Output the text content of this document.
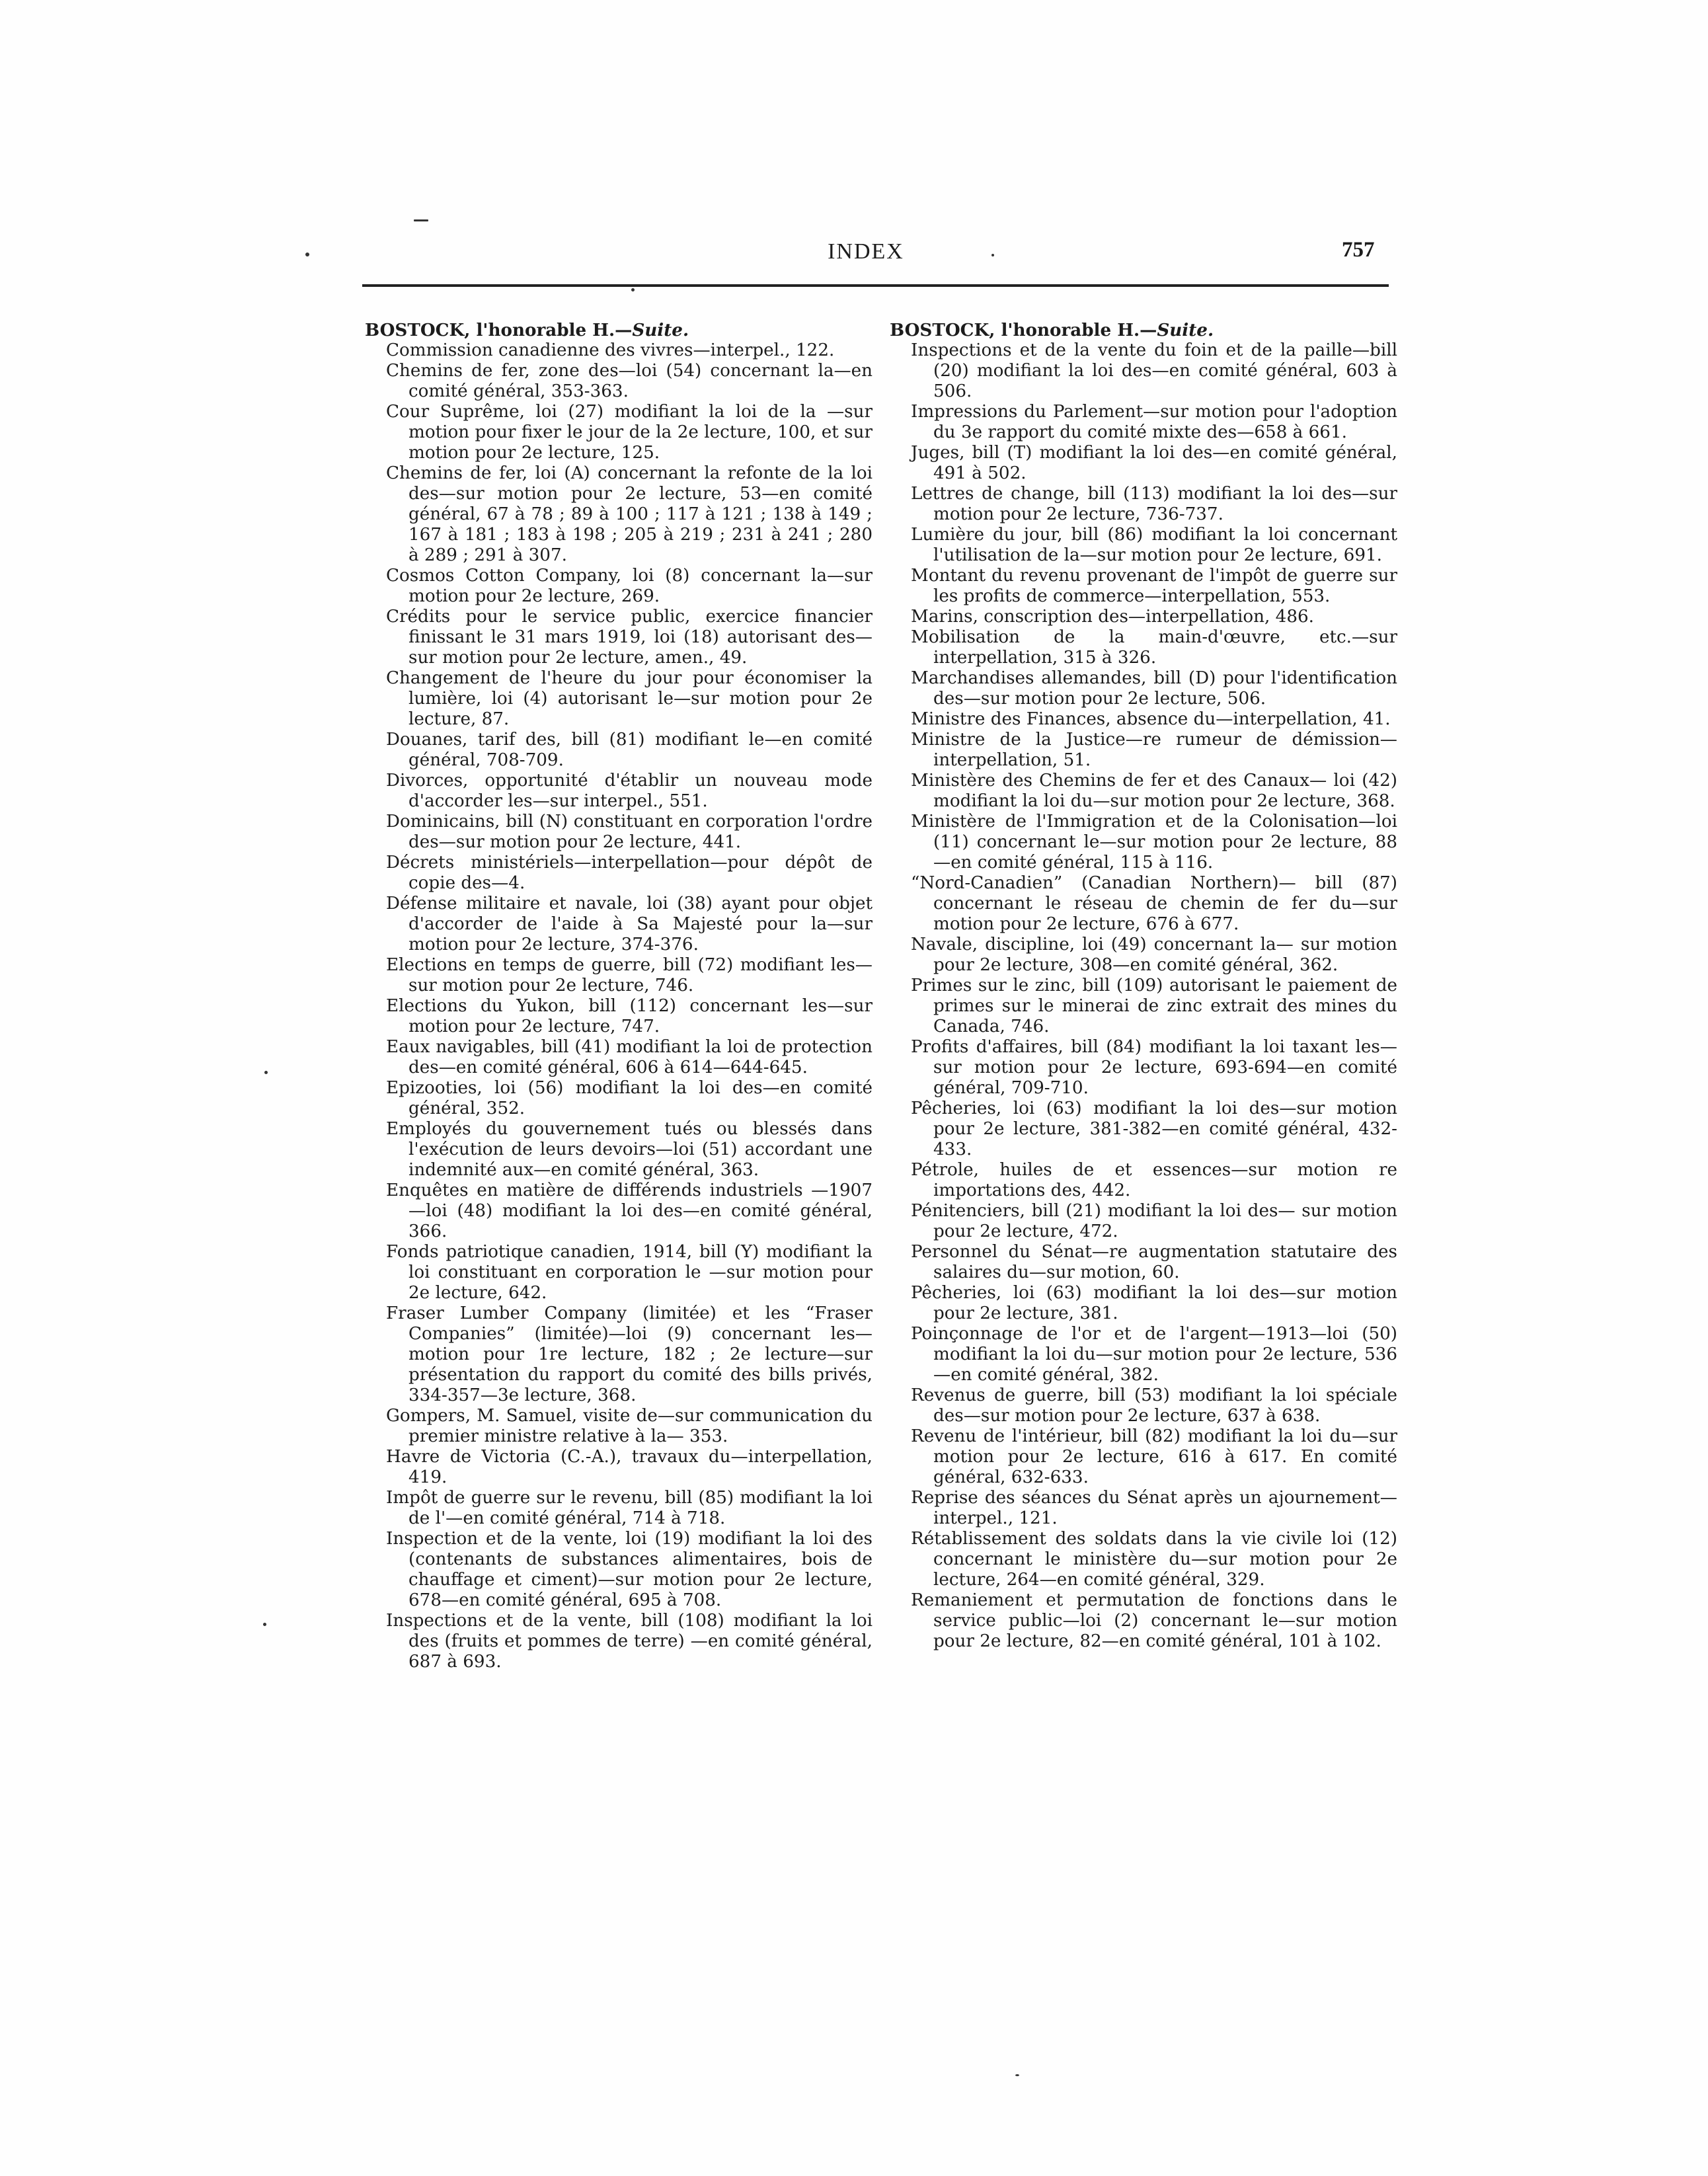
INDEX	757

BOSTOCK, l'honorable H.—Suite.

Commission canadienne des vivres—interpel., 122.

Chemins de fer, zone des—loi (54) concernant la—en comité général, 353-363.

Cour Suprême, loi (27) modifiant la loi de la —sur motion pour fixer le jour de la 2e lecture, 100, et sur motion pour 2e lecture, 125.

Chemins de fer, loi (A) concernant la refonte de la loi des—sur motion pour 2e lecture, 53—en comité général, 67 à 78 ; 89 à 100 ; 117 à 121 ; 138 à 149 ; 167 à 181 ; 183 à 198 ; 205 à 219 ; 231 à 241 ; 280 à 289 ; 291 à 307.

Cosmos Cotton Company, loi (8) concernant la—sur motion pour 2e lecture, 269.

Crédits pour le service public, exercice financier finissant le 31 mars 1919, loi (18) autorisant des—sur motion pour 2e lecture, amen., 49.

Changement de l'heure du jour pour économiser la lumière, loi (4) autorisant le—sur motion pour 2e lecture, 87.

Douanes, tarif des, bill (81) modifiant le—en comité général, 708-709.

Divorces, opportunité d'établir un nouveau mode d'accorder les—sur interpel., 551.

Dominicains, bill (N) constituant en corporation l'ordre des—sur motion pour 2e lecture, 441.

Décrets ministériels—interpellation—pour dépôt de copie des—4.

Défense militaire et navale, loi (38) ayant pour objet d'accorder de l'aide à Sa Majesté pour la—sur motion pour 2e lecture, 374-376.

Elections en temps de guerre, bill (72) modifiant les—sur motion pour 2e lecture, 746.

Elections du Yukon, bill (112) concernant les—sur motion pour 2e lecture, 747.

Eaux navigables, bill (41) modifiant la loi de protection des—en comité général, 606 à 614—644-645.

Epizooties, loi (56) modifiant la loi des—en comité général, 352.

Employés du gouvernement tués ou blessés dans l'exécution de leurs devoirs—loi (51) accordant une indemnité aux—en comité général, 363.

Enquêtes en matière de différends industriels —1907—loi (48) modifiant la loi des—en comité général, 366.

Fonds patriotique canadien, 1914, bill (Y) modifiant la loi constituant en corporation le —sur motion pour 2e lecture, 642.

Fraser Lumber Company (limitée) et les “Fraser Companies” (limitée)—loi (9) concernant les—motion pour 1re lecture, 182 ; 2e lecture—sur présentation du rapport du comité des bills privés, 334-357—3e lecture, 368.

Gompers, M. Samuel, visite de—sur communication du premier ministre relative à la— 353.

Havre de Victoria (C.-A.), travaux du—interpellation, 419.

Impôt de guerre sur le revenu, bill (85) modifiant la loi de l'—en comité général, 714 à 718.

Inspection et de la vente, loi (19) modifiant la loi des (contenants de substances alimentaires, bois de chauffage et ciment)—sur motion pour 2e lecture, 678—en comité général, 695 à 708.

Inspections et de la vente, bill (108) modifiant la loi des (fruits et pommes de terre) —en comité général, 687 à 693.

BOSTOCK, l'honorable H.—Suite.

Inspections et de la vente du foin et de la paille—bill (20) modifiant la loi des—en comité général, 603 à 506.

Impressions du Parlement—sur motion pour l'adoption du 3e rapport du comité mixte des—658 à 661.

Juges, bill (T) modifiant la loi des—en comité général, 491 à 502.

Lettres de change, bill (113) modifiant la loi des—sur motion pour 2e lecture, 736-737.

Lumière du jour, bill (86) modifiant la loi concernant l'utilisation de la—sur motion pour 2e lecture, 691.

Montant du revenu provenant de l'impôt de guerre sur les profits de commerce—interpellation, 553.

Marins, conscription des—interpellation, 486.

Mobilisation de la main-d'œuvre, etc.—sur interpellation, 315 à 326.

Marchandises allemandes, bill (D) pour l'identification des—sur motion pour 2e lecture, 506.

Ministre des Finances, absence du—interpellation, 41.

Ministre de la Justice—re rumeur de démission—interpellation, 51.

Ministère des Chemins de fer et des Canaux— loi (42) modifiant la loi du—sur motion pour 2e lecture, 368.

Ministère de l'Immigration et de la Colonisation—loi (11) concernant le—sur motion pour 2e lecture, 88—en comité général, 115 à 116.

“Nord-Canadien” (Canadian Northern)— bill (87) concernant le réseau de chemin de fer du—sur motion pour 2e lecture, 676 à 677.

Navale, discipline, loi (49) concernant la— sur motion pour 2e lecture, 308—en comité général, 362.

Primes sur le zinc, bill (109) autorisant le paiement de primes sur le minerai de zinc extrait des mines du Canada, 746.

Profits d'affaires, bill (84) modifiant la loi taxant les—sur motion pour 2e lecture, 693-694—en comité général, 709-710.

Pêcheries, loi (63) modifiant la loi des—sur motion pour 2e lecture, 381-382—en comité général, 432-433.

Pétrole, huiles de et essences—sur motion re importations des, 442.

Pénitenciers, bill (21) modifiant la loi des— sur motion pour 2e lecture, 472.

Personnel du Sénat—re augmentation statutaire des salaires du—sur motion, 60.

Pêcheries, loi (63) modifiant la loi des—sur motion pour 2e lecture, 381.

Poinçonnage de l'or et de l'argent—1913—loi (50) modifiant la loi du—sur motion pour 2e lecture, 536—en comité général, 382.

Revenus de guerre, bill (53) modifiant la loi spéciale des—sur motion pour 2e lecture, 637 à 638.

Revenu de l'intérieur, bill (82) modifiant la loi du—sur motion pour 2e lecture, 616 à 617. En comité général, 632-633.

Reprise des séances du Sénat après un ajournement—interpel., 121.

Rétablissement des soldats dans la vie civile loi (12) concernant le ministère du—sur motion pour 2e lecture, 264—en comité général, 329.

Remaniement et permutation de fonctions dans le service public—loi (2) concernant le—sur motion pour 2e lecture, 82—en comité général, 101 à 102.
